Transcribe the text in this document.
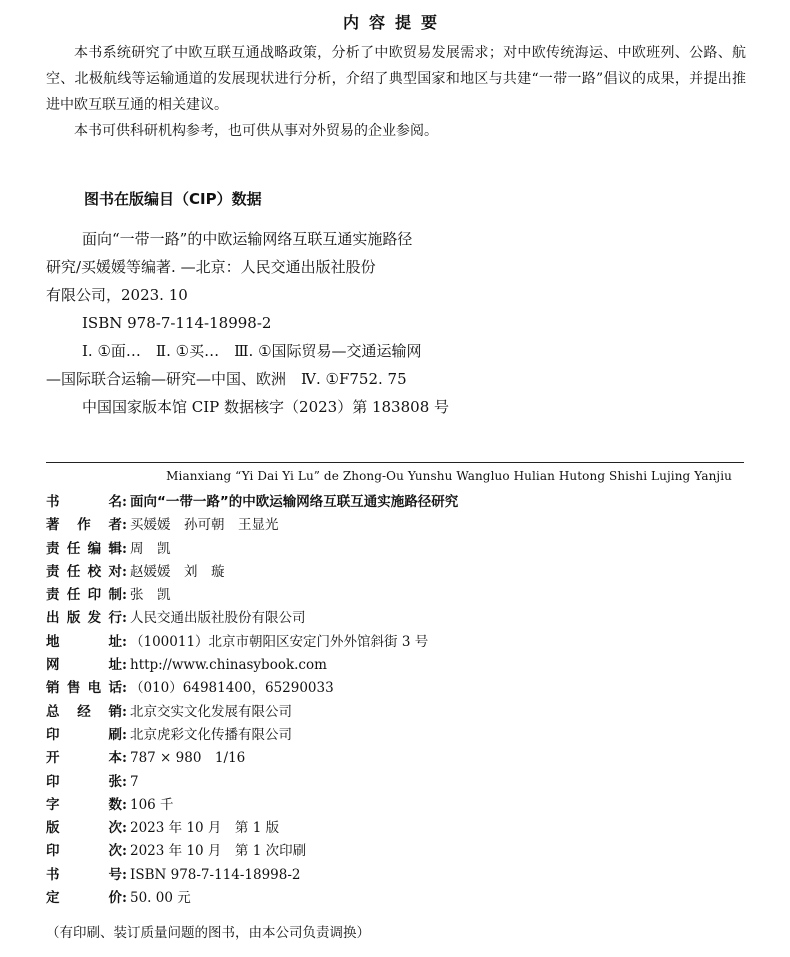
内容提要

本书系统研究了中欧互联互通战略政策，分析了中欧贸易发展需求；对中欧传统海运、中欧班列、公路、航空、北极航线等运输通道的发展现状进行分析，介绍了典型国家和地区与共建“一带一路”倡议的成果，并提出推进中欧互联互通的相关建议。

本书可供科研机构参考，也可供从事对外贸易的企业参阅。

图书在版编目（CIP）数据
面向“一带一路”的中欧运输网络互联互通实施路径
研究/买媛媛等编著. —北京：人民交通出版社股份
有限公司，2023. 10
ISBN 978-7-114-18998-2
Ⅰ. ①面…　Ⅱ. ①买…　Ⅲ. ①国际贸易—交通运输网
—国际联合运输—研究—中国、欧洲　Ⅳ. ①F752. 75
中国国家版本馆 CIP 数据核字（2023）第 183808 号
Mianxiang “Yi Dai Yi Lu” de Zhong-Ou Yunshu Wangluo Hulian Hutong Shishi Lujing Yanjiu
书	名 : 面向“一带一路”的中欧运输网络互联互通实施路径研究
著 作 者 : 买媛媛　孙可朝　王显光
责 任 编 辑 : 周　凯
责 任 校 对 : 赵媛媛　刘　璇
责 任 印 制 : 张　凯
出 版 发 行 : 人民交通出版社股份有限公司
地	址 : （100011）北京市朝阳区安定门外外馆斜街 3 号
网	址 : http://www.chinasybook.com
销 售 电 话 : （010）64981400，65290033
总 经 销 : 北京交实文化发展有限公司
印	刷 : 北京虎彩文化传播有限公司
开	本 : 787 × 980　1/16
印	张 : 7
字	数 : 106 千
版	次 : 2023 年 10 月　第 1 版
印	次 : 2023 年 10 月　第 1 次印刷
书	号 : ISBN 978-7-114-18998-2
定	价 : 50. 00 元
（有印刷、装订质量问题的图书，由本公司负责调换）
